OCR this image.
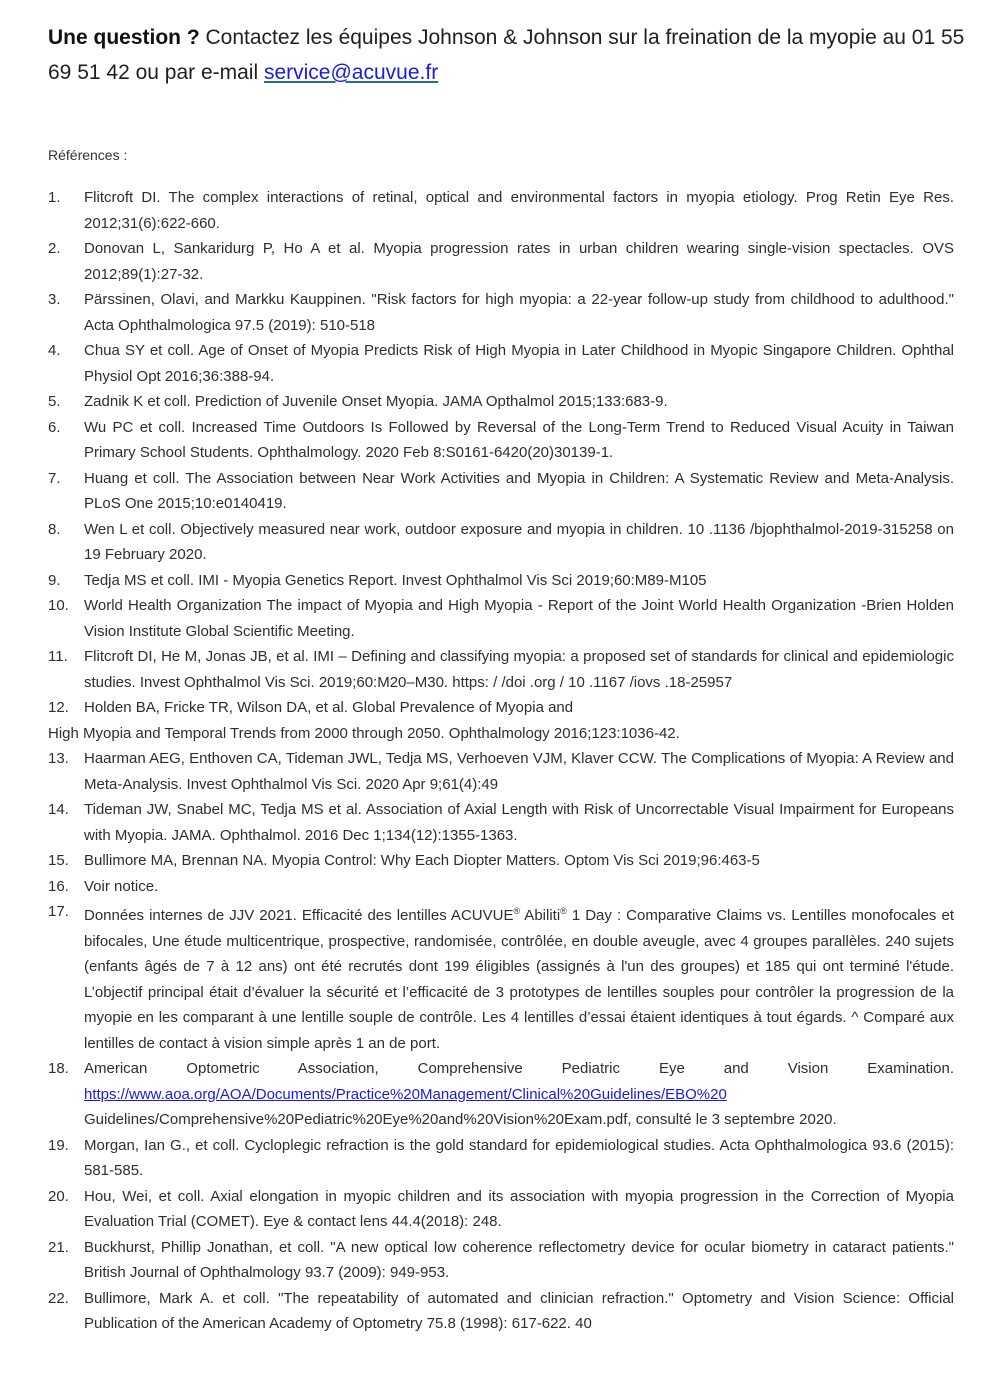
Une question ? Contactez les équipes Johnson & Johnson sur la freination de la myopie au 01 55 69 51 42 ou par e-mail service@acuvue.fr
Références :
1. Flitcroft DI. The complex interactions of retinal, optical and environmental factors in myopia etiology. Prog Retin Eye Res. 2012;31(6):622-660.
2. Donovan L, Sankaridurg P, Ho A et al. Myopia progression rates in urban children wearing single-vision spectacles. OVS 2012;89(1):27-32.
3. Pärssinen, Olavi, and Markku Kauppinen. "Risk factors for high myopia: a 22-year follow-up study from childhood to adulthood." Acta Ophthalmologica 97.5 (2019): 510-518
4. Chua SY et coll. Age of Onset of Myopia Predicts Risk of High Myopia in Later Childhood in Myopic Singapore Children. Ophthal Physiol Opt 2016;36:388-94.
5. Zadnik K et coll. Prediction of Juvenile Onset Myopia. JAMA Opthalmol 2015;133:683-9.
6. Wu PC et coll. Increased Time Outdoors Is Followed by Reversal of the Long-Term Trend to Reduced Visual Acuity in Taiwan Primary School Students. Ophthalmology. 2020 Feb 8:S0161-6420(20)30139-1.
7. Huang et coll. The Association between Near Work Activities and Myopia in Children: A Systematic Review and Meta-Analysis. PLoS One 2015;10:e0140419.
8. Wen L et coll. Objectively measured near work, outdoor exposure and myopia in children. 10 .1136 /bjophthalmol-2019-315258 on 19 February 2020.
9. Tedja MS et coll. IMI - Myopia Genetics Report. Invest Ophthalmol Vis Sci 2019;60:M89-M105
10. World Health Organization The impact of Myopia and High Myopia - Report of the Joint World Health Organization -Brien Holden Vision Institute Global Scientific Meeting.
11. Flitcroft DI, He M, Jonas JB, et al. IMI – Defining and classifying myopia: a proposed set of standards for clinical and epidemiologic studies. Invest Ophthalmol Vis Sci. 2019;60:M20–M30. https: / /doi .org / 10 .1167 /iovs .18-25957
12. Holden BA, Fricke TR, Wilson DA, et al. Global Prevalence of Myopia and
High Myopia and Temporal Trends from 2000 through 2050. Ophthalmology 2016;123:1036-42.
13. Haarman AEG, Enthoven CA, Tideman JWL, Tedja MS, Verhoeven VJM, Klaver CCW. The Complications of Myopia: A Review and Meta-Analysis. Invest Ophthalmol Vis Sci. 2020 Apr 9;61(4):49
14. Tideman JW, Snabel MC, Tedja MS et al. Association of Axial Length with Risk of Uncorrectable Visual Impairment for Europeans with Myopia. JAMA. Ophthalmol. 2016 Dec 1;134(12):1355-1363.
15. Bullimore MA, Brennan NA. Myopia Control: Why Each Diopter Matters. Optom Vis Sci 2019;96:463-5
16. Voir notice.
17. Données internes de JJV 2021. Efficacité des lentilles ACUVUE® Abiliti® 1 Day : Comparative Claims vs. Lentilles monofocales et bifocales, Une étude multicentrique, prospective, randomisée, contrôlée, en double aveugle, avec 4 groupes parallèles. 240 sujets (enfants âgés de 7 à 12 ans) ont été recrutés dont 199 éligibles (assignés à l'un des groupes) et 185 qui ont terminé l'étude. L’objectif principal était d’évaluer la sécurité et l’efficacité de 3 prototypes de lentilles souples pour contrôler la progression de la myopie en les comparant à une lentille souple de contrôle. Les 4 lentilles d’essai étaient identiques à tout égards. ^ Comparé aux lentilles de contact à vision simple après 1 an de port.
18. American Optometric Association, Comprehensive Pediatric Eye and Vision Examination.
https://www.aoa.org/AOA/Documents/Practice%20Management/Clinical%20Guidelines/EBO%20
Guidelines/Comprehensive%20Pediatric%20Eye%20and%20Vision%20Exam.pdf, consulté le 3 septembre 2020.
19. Morgan, Ian G., et coll. Cycloplegic refraction is the gold standard for epidemiological studies. Acta Ophthalmologica 93.6 (2015): 581-585.
20. Hou, Wei, et coll. Axial elongation in myopic children and its association with myopia progression in the Correction of Myopia Evaluation Trial (COMET). Eye & contact lens 44.4(2018): 248.
21. Buckhurst, Phillip Jonathan, et coll. "A new optical low coherence reflectometry device for ocular biometry in cataract patients." British Journal of Ophthalmology 93.7 (2009): 949-953.
22. Bullimore, Mark A. et coll. "The repeatability of automated and clinician refraction." Optometry and Vision Science: Official Publication of the American Academy of Optometry 75.8 (1998): 617-622. 40
